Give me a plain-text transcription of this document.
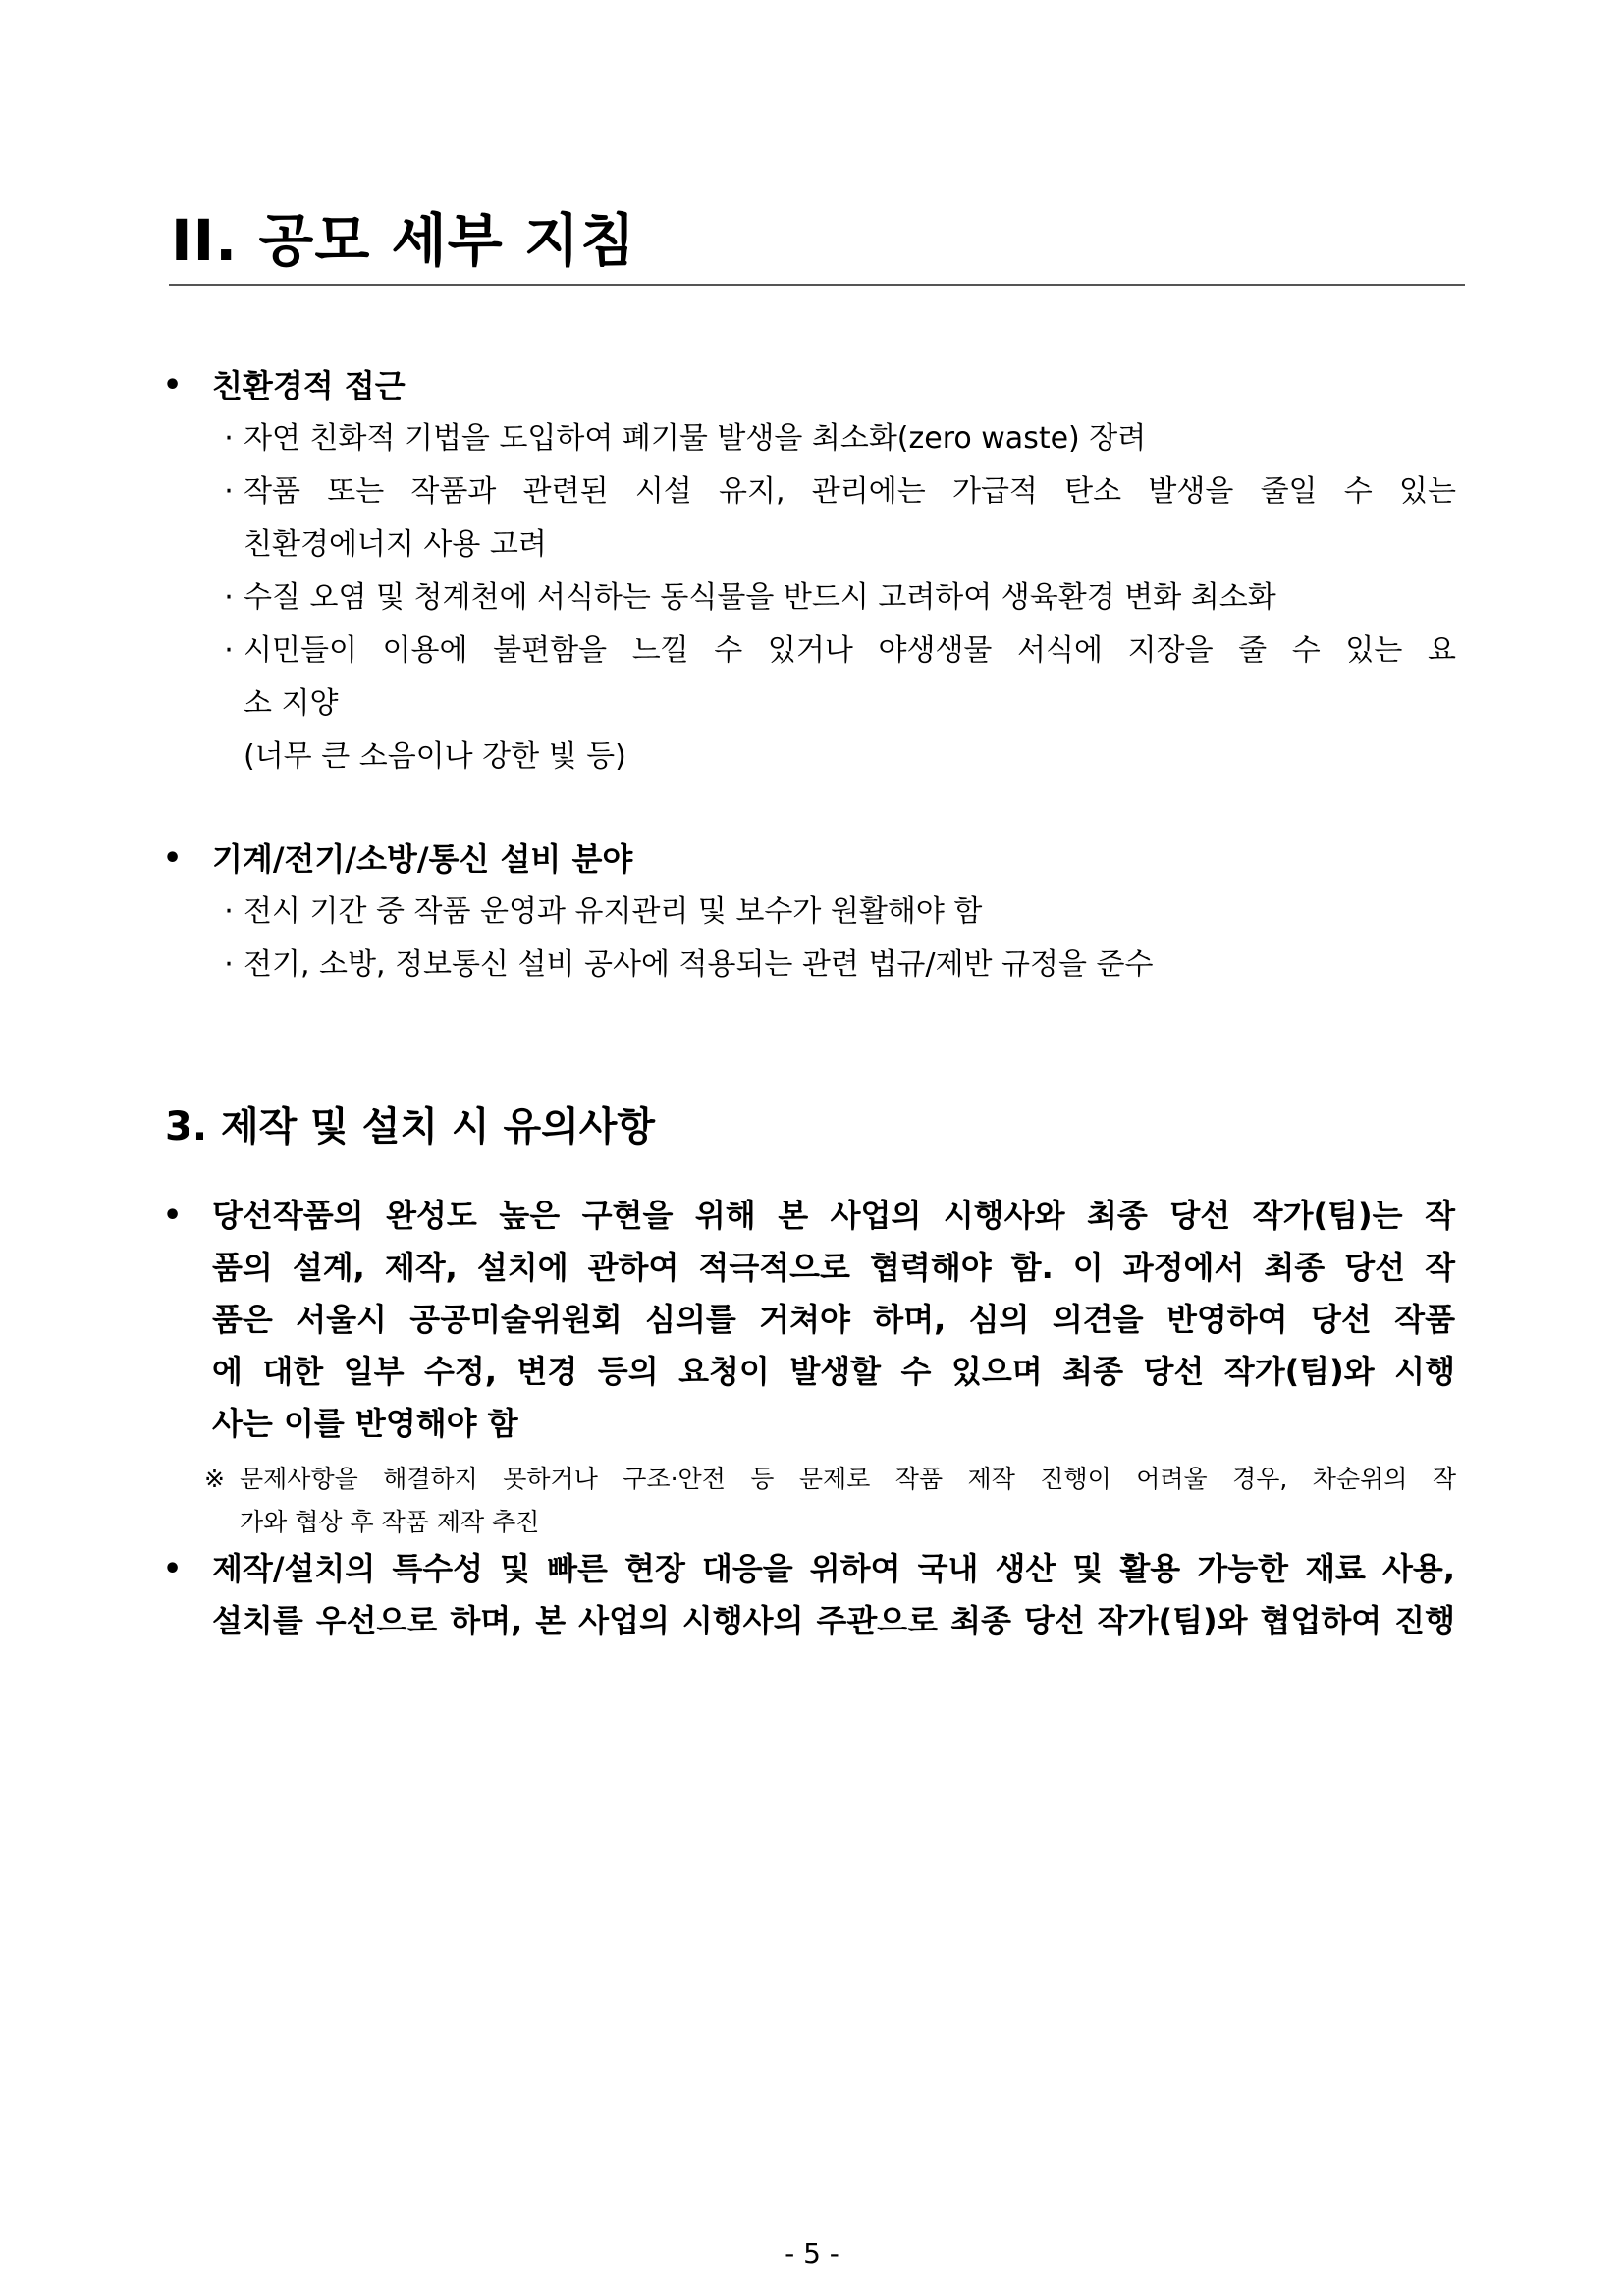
II. 공모 세부 지침
• 친환경적 접근
· 자연 친화적 기법을 도입하여 폐기물 발생을 최소화(zero waste) 장려
· 작품 또는 작품과 관련된 시설 유지, 관리에는 가급적 탄소 발생을 줄일 수 있는
친환경에너지 사용 고려
· 수질 오염 및 청계천에 서식하는 동식물을 반드시 고려하여 생육환경 변화 최소화
· 시민들이 이용에 불편함을 느낄 수 있거나 야생생물 서식에 지장을 줄 수 있는 요
소 지양
(너무 큰 소음이나 강한 빛 등)
• 기계/전기/소방/통신 설비 분야
· 전시 기간 중 작품 운영과 유지관리 및 보수가 원활해야 함
· 전기, 소방, 정보통신 설비 공사에 적용되는 관련 법규/제반 규정을 준수
3. 제작 및 설치 시 유의사항
• 당선작품의 완성도 높은 구현을 위해 본 사업의 시행사와 최종 당선 작가(팀)는 작
품의 설계, 제작, 설치에 관하여 적극적으로 협력해야 함. 이 과정에서 최종 당선 작
품은 서울시 공공미술위원회 심의를 거쳐야 하며, 심의 의견을 반영하여 당선 작품
에 대한 일부 수정, 변경 등의 요청이 발생할 수 있으며 최종 당선 작가(팀)와 시행
사는 이를 반영해야 함
※ 문제사항을 해결하지 못하거나 구조·안전 등 문제로 작품 제작 진행이 어려울 경우, 차순위의 작
가와 협상 후 작품 제작 추진
• 제작/설치의 특수성 및 빠른 현장 대응을 위하여 국내 생산 및 활용 가능한 재료 사용,
설치를 우선으로 하며, 본 사업의 시행사의 주관으로 최종 당선 작가(팀)와 협업하여 진행
- 5 -
